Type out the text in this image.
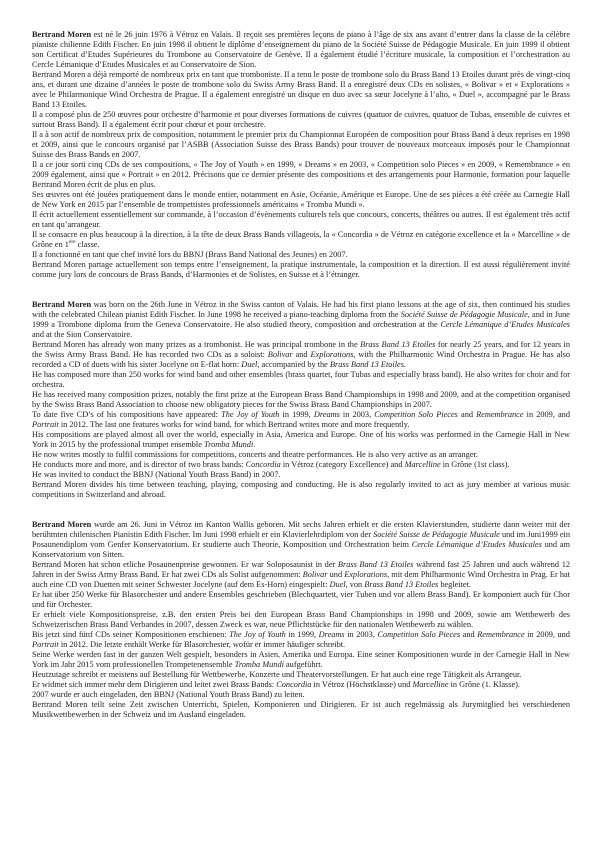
Bertrand Moren est né le 26 juin 1976 à Vétroz en Valais. Il reçoit ses premières leçons de piano à l’âge de six ans avant d’entrer dans la classe de la célèbre pianiste chilienne Edith Fischer. En juin 1998 il obtient le diplôme d’enseignement du piano de la Société Suisse de Pédagogie Musicale. En juin 1999 il obtient son Certificat d’Etudes Supérieures du Trombone au Conservatoire de Genève. Il a également étudié l’écriture musicale, la composition et l’orchestration au Cercle Lémanique d’Etudes Musicales et au Conservatoire de Sion.

Bertrand Moren a déjà remporté de nombreux prix en tant que tromboniste. Il a tenu le poste de trombone solo du Brass Band 13 Etoiles durant près de vingt-cinq ans, et durant une dizaine d’années le poste de trombone solo du Swiss Army Brass Band. Il a enregistré deux CDs en solistes, « Bolivar » et « Explorations » avec le Philarmonique Wind Orchestra de Prague. Il a également enregistré un disque en duo avec sa sœur Jocelyne à l’alto, « Duel », accompagné par le Brass Band 13 Etoiles.

Il a composé plus de 250 œuvres pour orchestre d’harmonie et pour diverses formations de cuivres (quatuor de cuivres, quatuor de Tubas, ensemble de cuivres et surtout Brass Band). Il a également écrit pour chœur et pour orchestre.

Il a à son actif de nombreux prix de composition, notamment le premier prix du Championnat Européen de composition pour Brass Band à deux reprises en 1998 et 2009, ainsi que le concours organisé par l’ASBB (Association Suisse des Brass Bands) pour trouver de nouveaux morceaux imposés pour le Championnat Suisse des Brass Bands en 2007.

Il a ce jour sorti cinq CDs de ses compositions, « The Joy of Youth » en 1999, « Dreams » en 2003, « Competition solo Pieces » en 2009, « Remembrance » en 2009 également, ainsi que « Portrait » en 2012. Précisons que ce dernier présente des compositions et des arrangements pour Harmonie, formation pour laquelle Bertrand Moren écrit de plus en plus.

Ses œuvres ont été jouées pratiquement dans le monde entier, notamment en Asie, Océanie, Amérique et Europe. Une de ses pièces a été créée au Carnegie Hall de New York en 2015 par l’ensemble de trompettistes professionnels américains « Tromba Mundi ».

Il écrit actuellement essentiellement sur commande, à l’occasion d’évènements culturels tels que concours, concerts, théâtres ou autres. Il est également très actif en tant qu’arrangeur.

Il se consacre en plus beaucoup à la direction, à la tête de deux Brass Bands villageois, la « Concordia » de Vétroz en catégorie excellence et la « Marcelline » de Grône en 1ère classe.

Il a fonctionné en tant que chef invité lors du BBNJ (Brass Band National des Jeunes) en 2007.

Bertrand Moren partage actuellement son temps entre l’enseignement, la pratique instrumentale, la composition et la direction. Il est aussi régulièrement invité comme jury lors de concours de Brass Bands, d’Harmonies et de Solistes, en Suisse et à l’étranger.

Bertrand Moren was born on the 26th June in Vétroz in the Swiss canton of Valais. He had his first piano lessons at the age of six, then continued his studies with the celebrated Chilean pianist Edith Fischer. In June 1998 he received a piano-teaching diploma from the Société Suisse de Pédagogie Musicale, and in June 1999 a Trombone diploma from the Geneva Conservatoire. He also studied theory, composition and orchestration at the Cercle Lémanique d’Etudes Musicales and at the Sion Conservatoire.

Bertrand Moren has already won many prizes as a trombonist. He was principal trombone in the Brass Band 13 Etoiles for nearly 25 years, and for 12 years in the Swiss Army Brass Band. He has recorded two CDs as a soloist: Bolivar and Explorations, with the Philharmonic Wind Orchestra in Prague. He has also recorded a CD of duets with his sister Jocelyne on E-flat horn: Duel, accompanied by the Brass Band 13 Etoiles.

He has composed more than 250 works for wind band and other ensembles (brass quartet, four Tubas and especially brass band). He also writes for choir and for orchestra.

He has received many composition prizes, notably the first prize at the European Brass Band Championships in 1998 and 2009, and at the competition organised by the Swiss Brass Band Association to choose new obligatory pieces for the Swiss Brass Band Championships in 2007.

To date five CD’s of his compositions have appeared: The Joy of Youth in 1999, Dreams in 2003, Competition Solo Pieces and Remembrance in 2009, and Portrait in 2012. The last one features works for wind band, for which Bertrand writes more and more frequently.

His compositions are played almost all over the world, especially in Asia, America and Europe. One of his works was performed in the Carnegie Hall in New York in 2015 by the professional trumpet ensemble Tromba Mundi.

He now writes mostly to fulfil commissions for competitions, concerts and theatre performances. He is also very active as an arranger.

He conducts more and more, and is director of two brass bands: Concordia in Vétroz (category Excellence) and Marcelline in Grône (1st class).

He was invited to conduct the BBNJ (National Youth Brass Band) in 2007.

Bertrand Moren divides his time between teaching, playing, composing and conducting. He is also regularly invited to act as jury member at various music competitions in Switzerland and abroad.

Bertrand Moren wurde am 26. Juni in Vétroz im Kanton Wallis geboren. Mit sechs Jahren erhielt er die ersten Klavierstunden, studierte dann weiter mit der berühmten chilenischen Pianistin Edith Fischer. Im Juni 1998 erhielt er ein Klavierlehrdiplom von der Société Suisse de Pédagogie Musicale und im Juni1999 ein Posaunendiplom vom Genfer Konservatorium. Er studierte auch Theorie, Komposition und Orchestration beim Cercle Lémanique d’Etudes Musicales und am Konservatorium von Sitten.

Bertrand Moren hat schon etliche Posaunenpreise gewonnen. Er war Soloposaunist in der Brass Band 13 Etoiles während fast 25 Jahren und auch während 12 Jahren in der Swiss Army Brass Band. Er hat zwei CDs als Solist aufgenommen: Bolivar und Explorations, mit dem Philharmonic Wind Orchestra in Prag. Er hat auch eine CD von Duetten mit seiner Schwester Jocelyne (auf dem Es-Horn) eingespielt: Duel, von Brass Band 13 Etoiles begleitet.

Er hat über 250 Werke für Blasorchester und andere Ensembles geschrieben (Blechquartett, vier Tuben und vor allem Brass Band). Er komponiert auch für Chor und für Orchester.

Er erhielt viele Kompositionspreise, z.B. den ersten Preis bei den European Brass Band Championships in 1998 und 2009, sowie am Wettbewerb des Schweizerischen Brass Band Verbandes in 2007, dessen Zweck es war, neue Pflichtstücke für den nationalen Wettbewerb zu wählen.

Bis jetzt sind fünf CDs seiner Kompositionen erschienen: The Joy of Youth in 1999, Dreams in 2003, Competition Solo Pieces and Remembrance in 2009, und Portrait in 2012. Die letzte enthält Werke für Blasorchester, wofür er immer häufiger schreibt.

Seine Werke werden fast in der ganzen Welt gespielt, besonders in Asien, Amerika und Europa. Eine seiner Kompositionen wurde in der Carnegie Hall in New York im Jahr 2015 vom professionellen Trompetenensemble Tromba Mundi aufgeführt.

Heutzutage schreibt er meistens auf Bestellung für Wettbewerbe, Konzerte und Theatervorstellungen. Er hat auch eine rege Tätigkeit als Arrangeur.

Er widmet sich immer mehr dem Dirigieren und leitet zwei Brass Bands: Concordia in Vétroz (Höchstklasse) und Marcelline in Grône (1. Klasse).

2007 wurde er auch eingeladen, den BBNJ (National Youth Brass Band) zu leiten.

Bertrand Moren teilt seine Zeit zwischen Unterricht, Spielen, Komponieren und Dirigieren. Er ist auch regelmässig als Jurymitglied bei verschiedenen Musikwettbewerben in der Schweiz und im Ausland eingeladen.
